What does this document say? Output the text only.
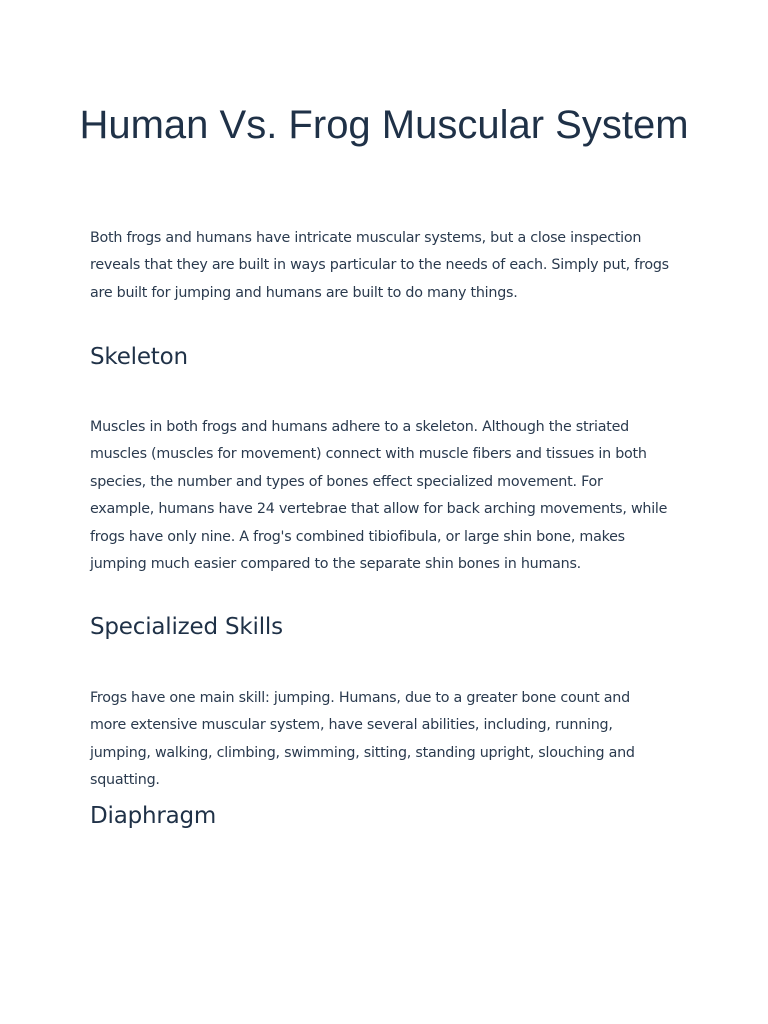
Human Vs. Frog Muscular System

Both frogs and humans have intricate muscular systems, but a close inspection reveals that they are built in ways particular to the needs of each. Simply put, frogs are built for jumping and humans are built to do many things.

Skeleton

Muscles in both frogs and humans adhere to a skeleton. Although the striated muscles (muscles for movement) connect with muscle fibers and tissues in both species, the number and types of bones effect specialized movement. For example, humans have 24 vertebrae that allow for back arching movements, while frogs have only nine. A frog's combined tibiofibula, or large shin bone, makes jumping much easier compared to the separate shin bones in humans.

Specialized Skills

Frogs have one main skill: jumping. Humans, due to a greater bone count and more extensive muscular system, have several abilities, including, running, jumping, walking, climbing, swimming, sitting, standing upright, slouching and squatting.

Diaphragm
